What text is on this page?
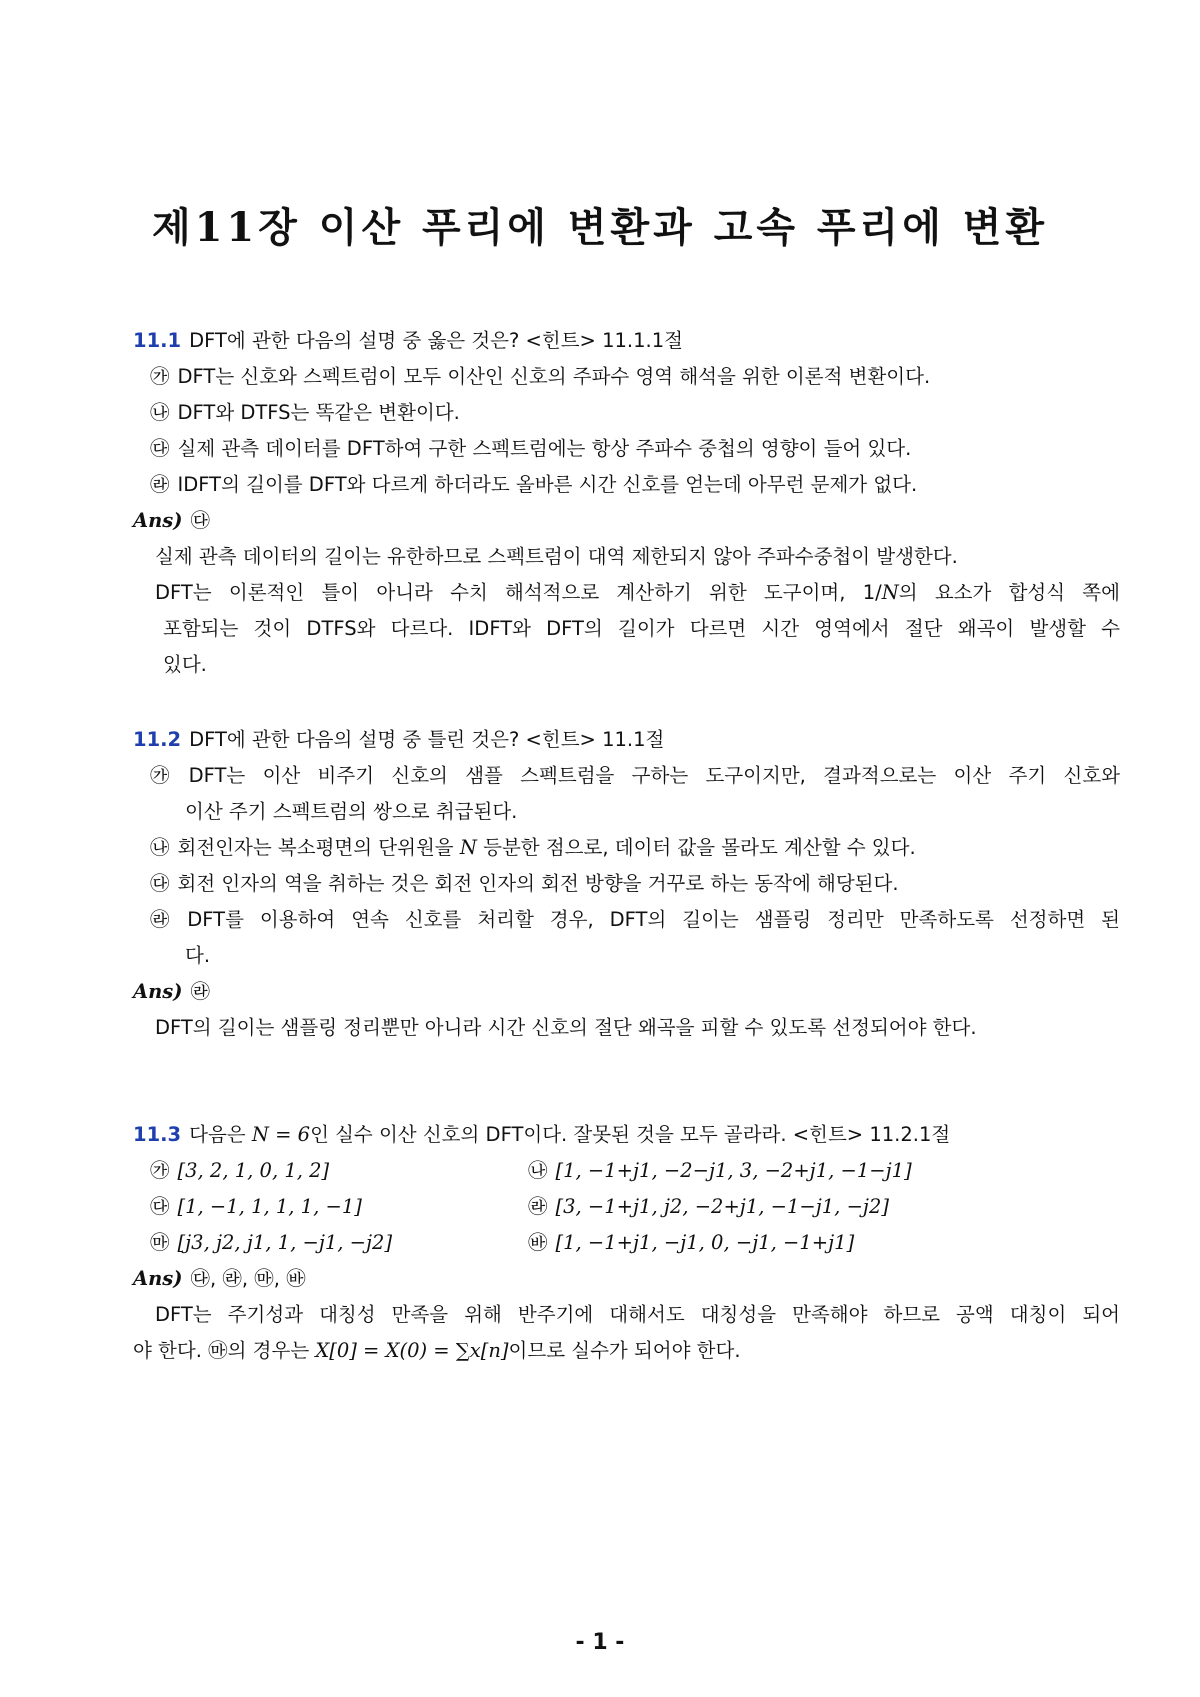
제11장 이산 푸리에 변환과 고속 푸리에 변환
11.1 DFT에 관한 다음의 설명 중 옳은 것은? <힌트> 11.1.1절
㉮ DFT는 신호와 스펙트럼이 모두 이산인 신호의 주파수 영역 해석을 위한 이론적 변환이다.
㉯ DFT와 DTFS는 똑같은 변환이다.
㉰ 실제 관측 데이터를 DFT하여 구한 스펙트럼에는 항상 주파수 중첩의 영향이 들어 있다.
㉱ IDFT의 길이를 DFT와 다르게 하더라도 올바른 시간 신호를 얻는데 아무런 문제가 없다.
Ans) ㉰
실제 관측 데이터의 길이는 유한하므로 스펙트럼이 대역 제한되지 않아 주파수중첩이 발생한다.
DFT는 이론적인 틀이 아니라 수치 해석적으로 계산하기 위한 도구이며, 1/N의 요소가 합성식 쪽에
포함되는 것이 DTFS와 다르다. IDFT와 DFT의 길이가 다르면 시간 영역에서 절단 왜곡이 발생할 수
있다.
11.2 DFT에 관한 다음의 설명 중 틀린 것은? <힌트> 11.1절
㉮ DFT는 이산 비주기 신호의 샘플 스펙트럼을 구하는 도구이지만, 결과적으로는 이산 주기 신호와
이산 주기 스펙트럼의 쌍으로 취급된다.
㉯ 회전인자는 복소평면의 단위원을 N 등분한 점으로, 데이터 값을 몰라도 계산할 수 있다.
㉰ 회전 인자의 역을 취하는 것은 회전 인자의 회전 방향을 거꾸로 하는 동작에 해당된다.
㉱ DFT를 이용하여 연속 신호를 처리할 경우, DFT의 길이는 샘플링 정리만 만족하도록 선정하면 된
다.
Ans) ㉱
DFT의 길이는 샘플링 정리뿐만 아니라 시간 신호의 절단 왜곡을 피할 수 있도록 선정되어야 한다.
11.3 다음은 N = 6인 실수 이산 신호의 DFT이다. 잘못된 것을 모두 골라라. <힌트> 11.2.1절
㉮ [3, 2, 1, 0, 1, 2]	㉯ [1, −1+j1, −2−j1, 3, −2+j1, −1−j1]
㉰ [1, −1, 1, 1, 1, −1]	㉱ [3, −1+j1, j2, −2+j1, −1−j1, −j2]
㉲ [j3, j2, j1, 1, −j1, −j2]	㉳ [1, −1+j1, −j1, 0, −j1, −1+j1]
Ans) ㉰, ㉱, ㉲, ㉳
DFT는 주기성과 대칭성 만족을 위해 반주기에 대해서도 대칭성을 만족해야 하므로 공액 대칭이 되어
야 한다. ㉲의 경우는 X[0] = X(0) = ∑x[n]이므로 실수가 되어야 한다.
- 1 -
